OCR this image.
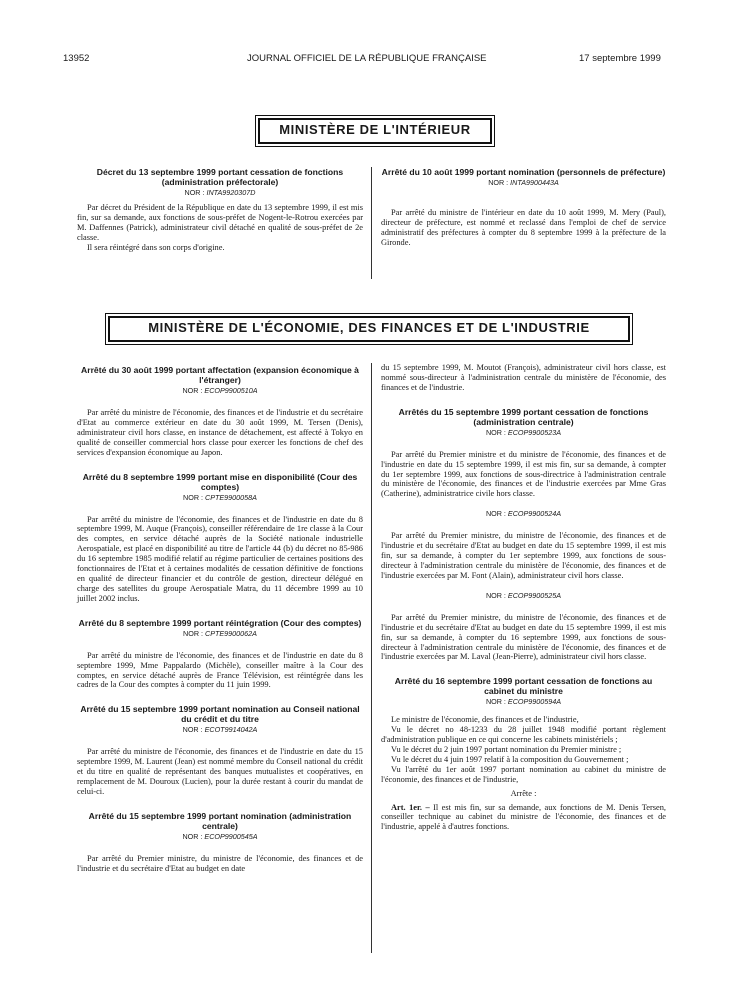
13952	JOURNAL OFFICIEL DE LA RÉPUBLIQUE FRANÇAISE	17 septembre 1999
MINISTÈRE DE L'INTÉRIEUR
Décret du 13 septembre 1999 portant cessation de fonctions (administration préfectorale)
NOR : INTA9920307D

Par décret du Président de la République en date du 13 septembre 1999, il est mis fin, sur sa demande, aux fonctions de sous-préfet de Nogent-le-Rotrou exercées par M. Daffennes (Patrick), administrateur civil détaché en qualité de sous-préfet de 2e classe.

Il sera réintégré dans son corps d'origine.

Arrêté du 10 août 1999 portant nomination (personnels de préfecture)
NOR : INTA9900443A

Par arrêté du ministre de l'intérieur en date du 10 août 1999, M. Mery (Paul), directeur de préfecture, est nommé et reclassé dans l'emploi de chef de service administratif des préfectures à compter du 8 septembre 1999 à la préfecture de la Gironde.

MINISTÈRE DE L'ÉCONOMIE, DES FINANCES ET DE L'INDUSTRIE
Arrêté du 30 août 1999 portant affectation (expansion économique à l'étranger)
NOR : ECOP9900510A

Par arrêté du ministre de l'économie, des finances et de l'industrie et du secrétaire d'Etat au commerce extérieur en date du 30 août 1999, M. Tersen (Denis), administrateur civil hors classe, en instance de détachement, est affecté à Tokyo en qualité de conseiller commercial hors classe pour exercer les fonctions de chef des services d'expansion économique au Japon.

Arrêté du 8 septembre 1999 portant mise en disponibilité (Cour des comptes)
NOR : CPTE9900058A

Par arrêté du ministre de l'économie, des finances et de l'industrie en date du 8 septembre 1999, M. Auque (François), conseiller référendaire de 1re classe à la Cour des comptes, en service détaché auprès de la Société nationale industrielle Aerospatiale, est placé en disponibilité au titre de l'article 44 (b) du décret no 85-986 du 16 septembre 1985 modifié relatif au régime particulier de certaines positions des fonctionnaires de l'Etat et à certaines modalités de cessation définitive de fonctions en qualité de directeur financier et du contrôle de gestion, directeur délégué en charge des satellites du groupe Aerospatiale Matra, du 11 décembre 1999 au 10 juillet 2002 inclus.

Arrêté du 8 septembre 1999 portant réintégration (Cour des comptes)
NOR : CPTE9900062A

Par arrêté du ministre de l'économie, des finances et de l'industrie en date du 8 septembre 1999, Mme Pappalardo (Michèle), conseiller maître à la Cour des comptes, en service détaché auprès de France Télévision, est réintégrée dans les cadres de la Cour des comptes à compter du 11 juin 1999.

Arrêté du 15 septembre 1999 portant nomination au Conseil national du crédit et du titre
NOR : ECOT9914042A

Par arrêté du ministre de l'économie, des finances et de l'industrie en date du 15 septembre 1999, M. Laurent (Jean) est nommé membre du Conseil national du crédit et du titre en qualité de représentant des banques mutualistes et coopératives, en remplacement de M. Douroux (Lucien), pour la durée restant à courir du mandat de celui-ci.

Arrêté du 15 septembre 1999 portant nomination (administration centrale)
NOR : ECOP9900545A

Par arrêté du Premier ministre, du ministre de l'économie, des finances et de l'industrie et du secrétaire d'Etat au budget en date

du 15 septembre 1999, M. Moutot (François), administrateur civil hors classe, est nommé sous-directeur à l'administration centrale du ministère de l'économie, des finances et de l'industrie.

Arrêtés du 15 septembre 1999 portant cessation de fonctions (administration centrale)
NOR : ECOP9900523A

Par arrêté du Premier ministre et du ministre de l'économie, des finances et de l'industrie en date du 15 septembre 1999, il est mis fin, sur sa demande, à compter du 1er septembre 1999, aux fonctions de sous-directrice à l'administration centrale du ministère de l'économie, des finances et de l'industrie exercées par Mme Gras (Catherine), administratrice civile hors classe.

NOR : ECOP9900524A

Par arrêté du Premier ministre, du ministre de l'économie, des finances et de l'industrie et du secrétaire d'Etat au budget en date du 15 septembre 1999, il est mis fin, sur sa demande, à compter du 1er septembre 1999, aux fonctions de sous-directeur à l'administration centrale du ministère de l'économie, des finances et de l'industrie exercées par M. Font (Alain), administrateur civil hors classe.

NOR : ECOP9900525A

Par arrêté du Premier ministre, du ministre de l'économie, des finances et de l'industrie et du secrétaire d'Etat au budget en date du 15 septembre 1999, il est mis fin, sur sa demande, à compter du 16 septembre 1999, aux fonctions de sous-directeur à l'administration centrale du ministère de l'économie, des finances et de l'industrie exercées par M. Laval (Jean-Pierre), administrateur civil hors classe.

Arrêté du 16 septembre 1999 portant cessation de fonctions au cabinet du ministre
NOR : ECOP9900594A

Le ministre de l'économie, des finances et de l'industrie,

Vu le décret no 48-1233 du 28 juillet 1948 modifié portant règlement d'administration publique en ce qui concerne les cabinets ministériels ;

Vu le décret du 2 juin 1997 portant nomination du Premier ministre ;

Vu le décret du 4 juin 1997 relatif à la composition du Gouvernement ;

Vu l'arrêté du 1er août 1997 portant nomination au cabinet du ministre de l'économie, des finances et de l'industrie,

Arrête :

Art. 1er. – Il est mis fin, sur sa demande, aux fonctions de M. Denis Tersen, conseiller technique au cabinet du ministre de l'économie, des finances et de l'industrie, appelé à d'autres fonctions.
